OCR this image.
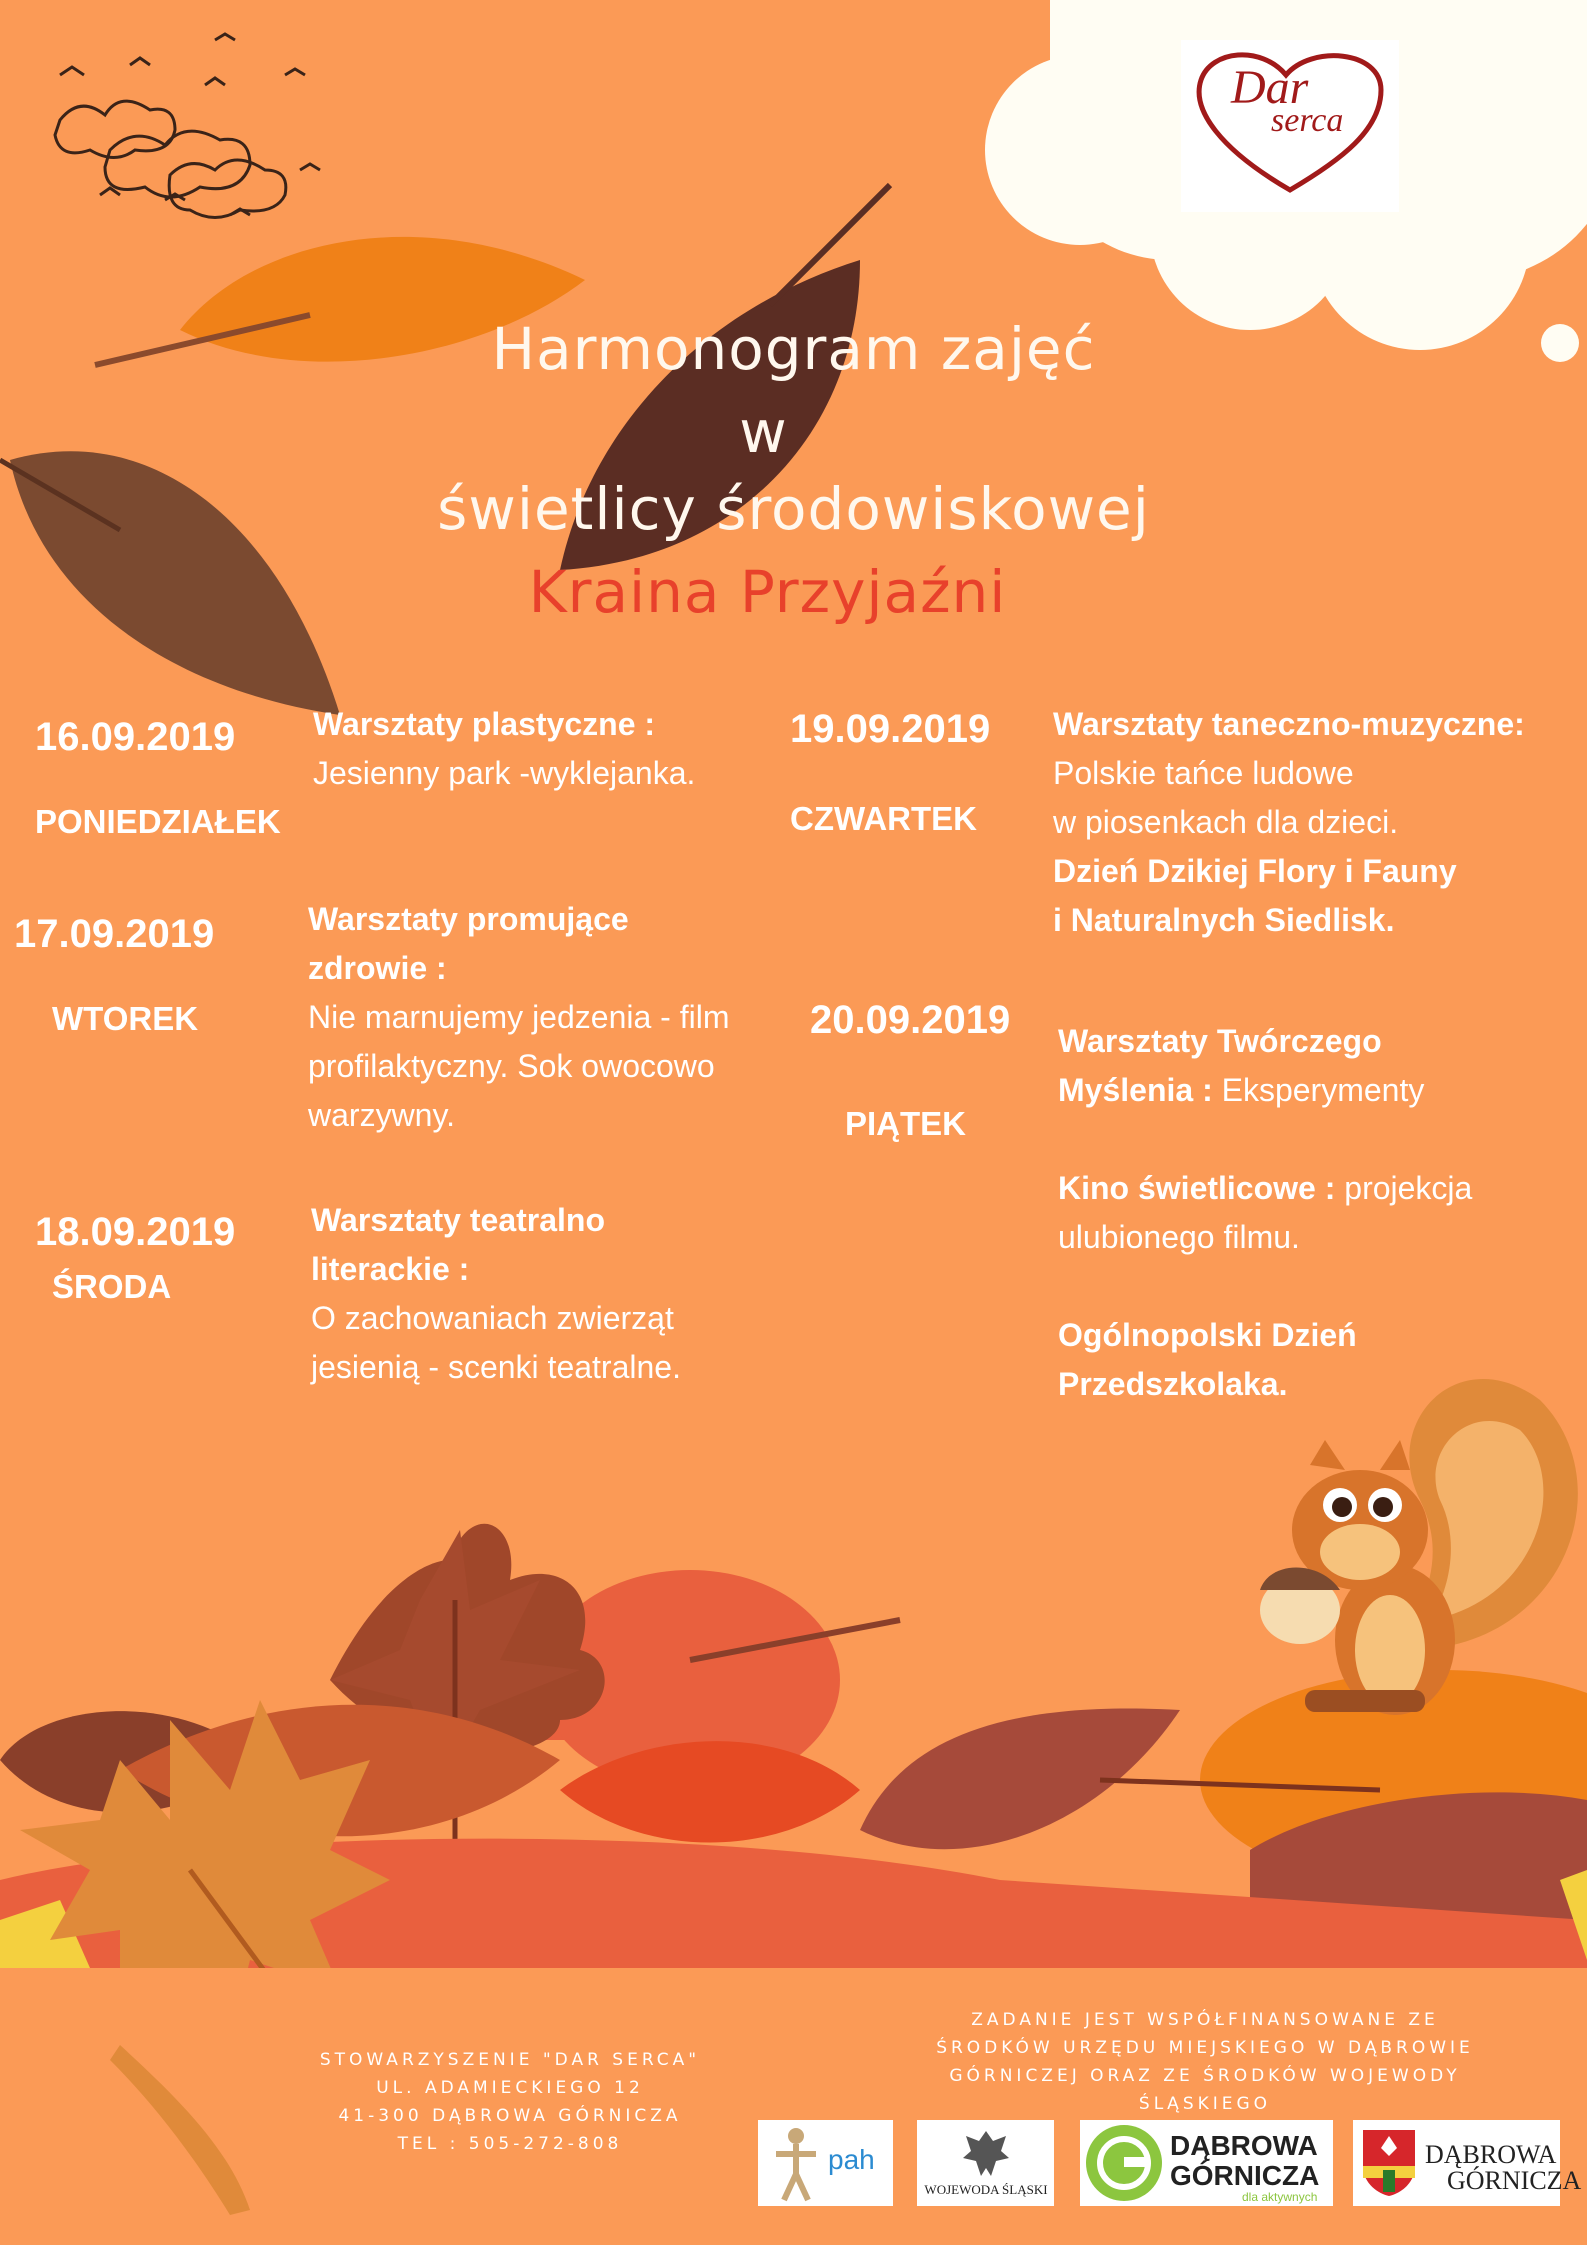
Dar
serca
Harmonogram zajęć
w
świetlicy środowiskowej
Kraina Przyjaźni
16.09.2019
PONIEDZIAŁEK
Warsztaty plastyczne :
Jesienny park -wyklejanka.
17.09.2019
WTOREK
Warsztaty promujące
zdrowie :
Nie marnujemy jedzenia - film
profilaktyczny. Sok owocowo
warzywny.
18.09.2019
ŚRODA
Warsztaty teatralno
literackie :
O zachowaniach zwierząt
jesienią - scenki teatralne.
19.09.2019
CZWARTEK
Warsztaty taneczno-muzyczne:
Polskie tańce ludowe
w piosenkach dla dzieci.
Dzień Dzikiej Flory i Fauny
i Naturalnych Siedlisk.
20.09.2019
PIĄTEK
Warsztaty Twórczego
Myślenia : Eksperymenty

Kino świetlicowe : projekcja
ulubionego filmu.

Ogólnopolski Dzień
Przedszkolaka.
STOWARZYSZENIE "DAR SERCA"
UL. ADAMIECKIEGO 12
41-300 DĄBROWA GÓRNICZA
TEL : 505-272-808
ZADANIE JEST WSPÓŁFINANSOWANE ZE
ŚRODKÓW URZĘDU MIEJSKIEGO W DĄBROWIE
GÓRNICZEJ ORAZ ZE ŚRODKÓW WOJEWODY
ŚLĄSKIEGO
pah
WOJEWODA ŚLĄSKI
DĄBROWA
GÓRNICZA
dla aktywnych
DĄBROWA
GÓRNICZA
